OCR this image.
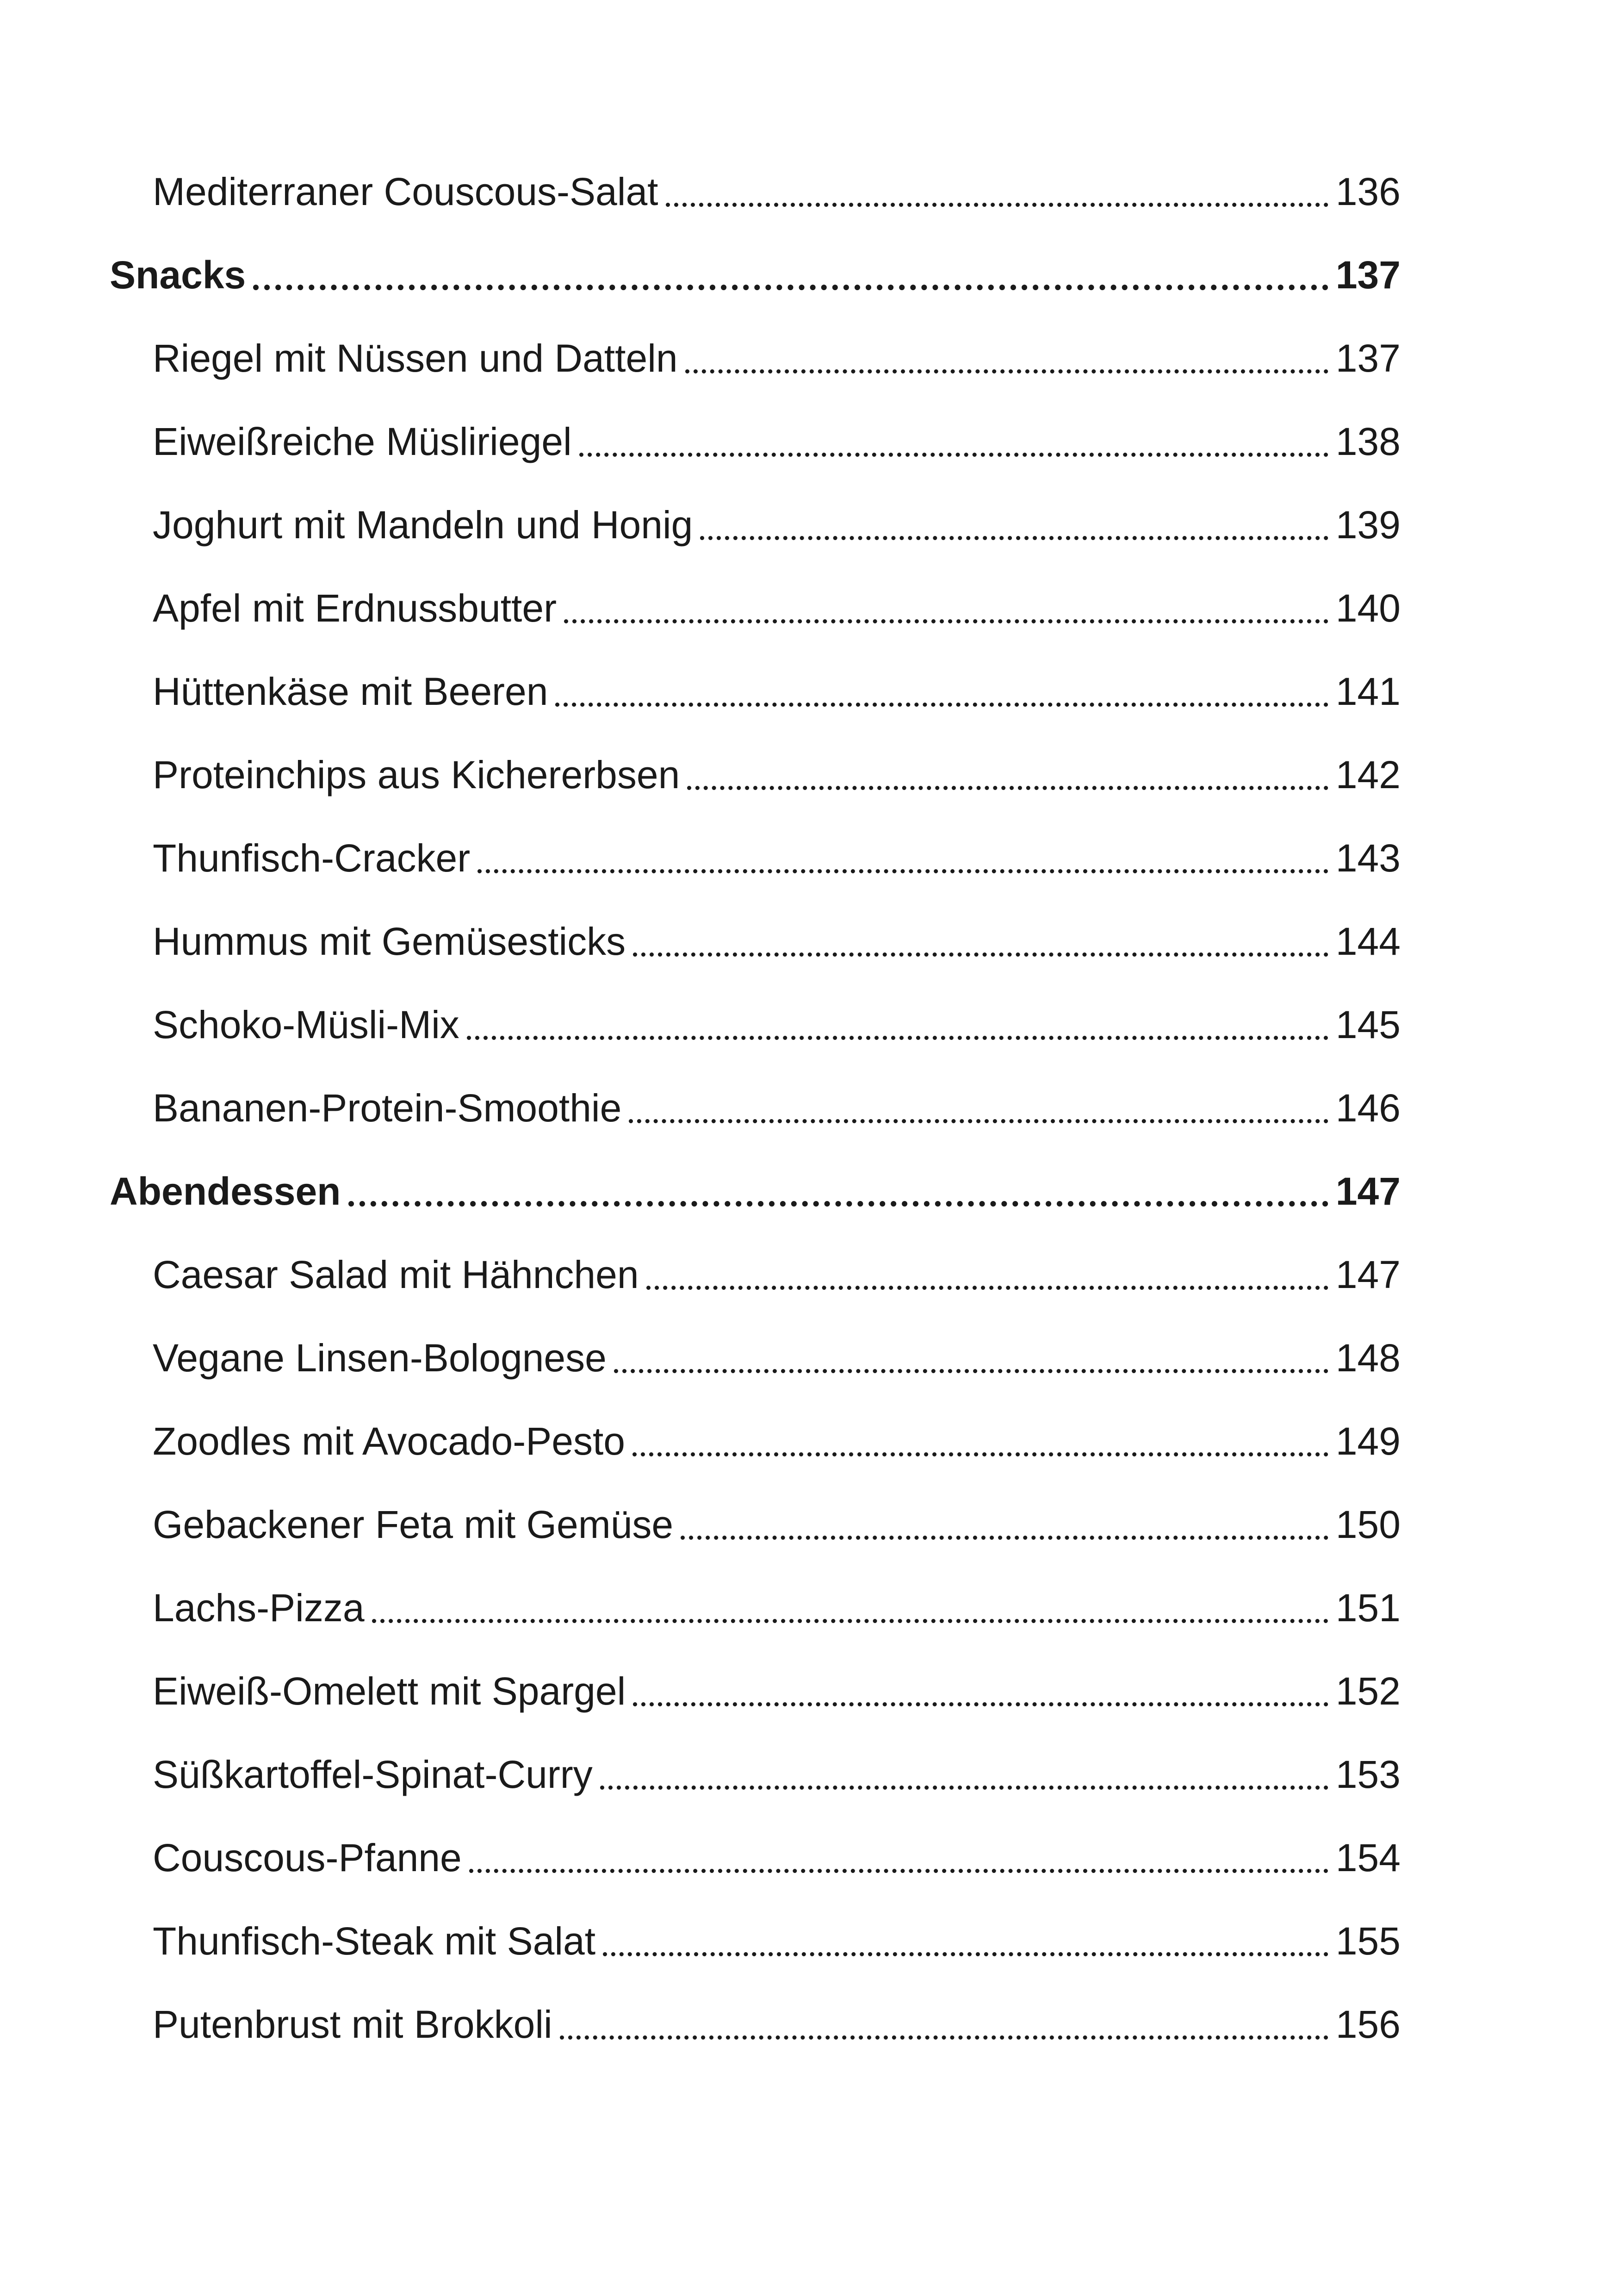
Mediterraner Couscous-Salat	136
Snacks	137
Riegel mit Nüssen und Datteln	137
Eiweißreiche Müsliriegel	138
Joghurt mit Mandeln und Honig	139
Apfel mit Erdnussbutter	140
Hüttenkäse mit Beeren	141
Proteinchips aus Kichererbsen	142
Thunfisch-Cracker	143
Hummus mit Gemüsesticks	144
Schoko-Müsli-Mix	145
Bananen-Protein-Smoothie	146
Abendessen	147
Caesar Salad mit Hähnchen	147
Vegane Linsen-Bolognese	148
Zoodles mit Avocado-Pesto	149
Gebackener Feta mit Gemüse	150
Lachs-Pizza	151
Eiweiß-Omelett mit Spargel	152
Süßkartoffel-Spinat-Curry	153
Couscous-Pfanne	154
Thunfisch-Steak mit Salat	155
Putenbrust mit Brokkoli	156
